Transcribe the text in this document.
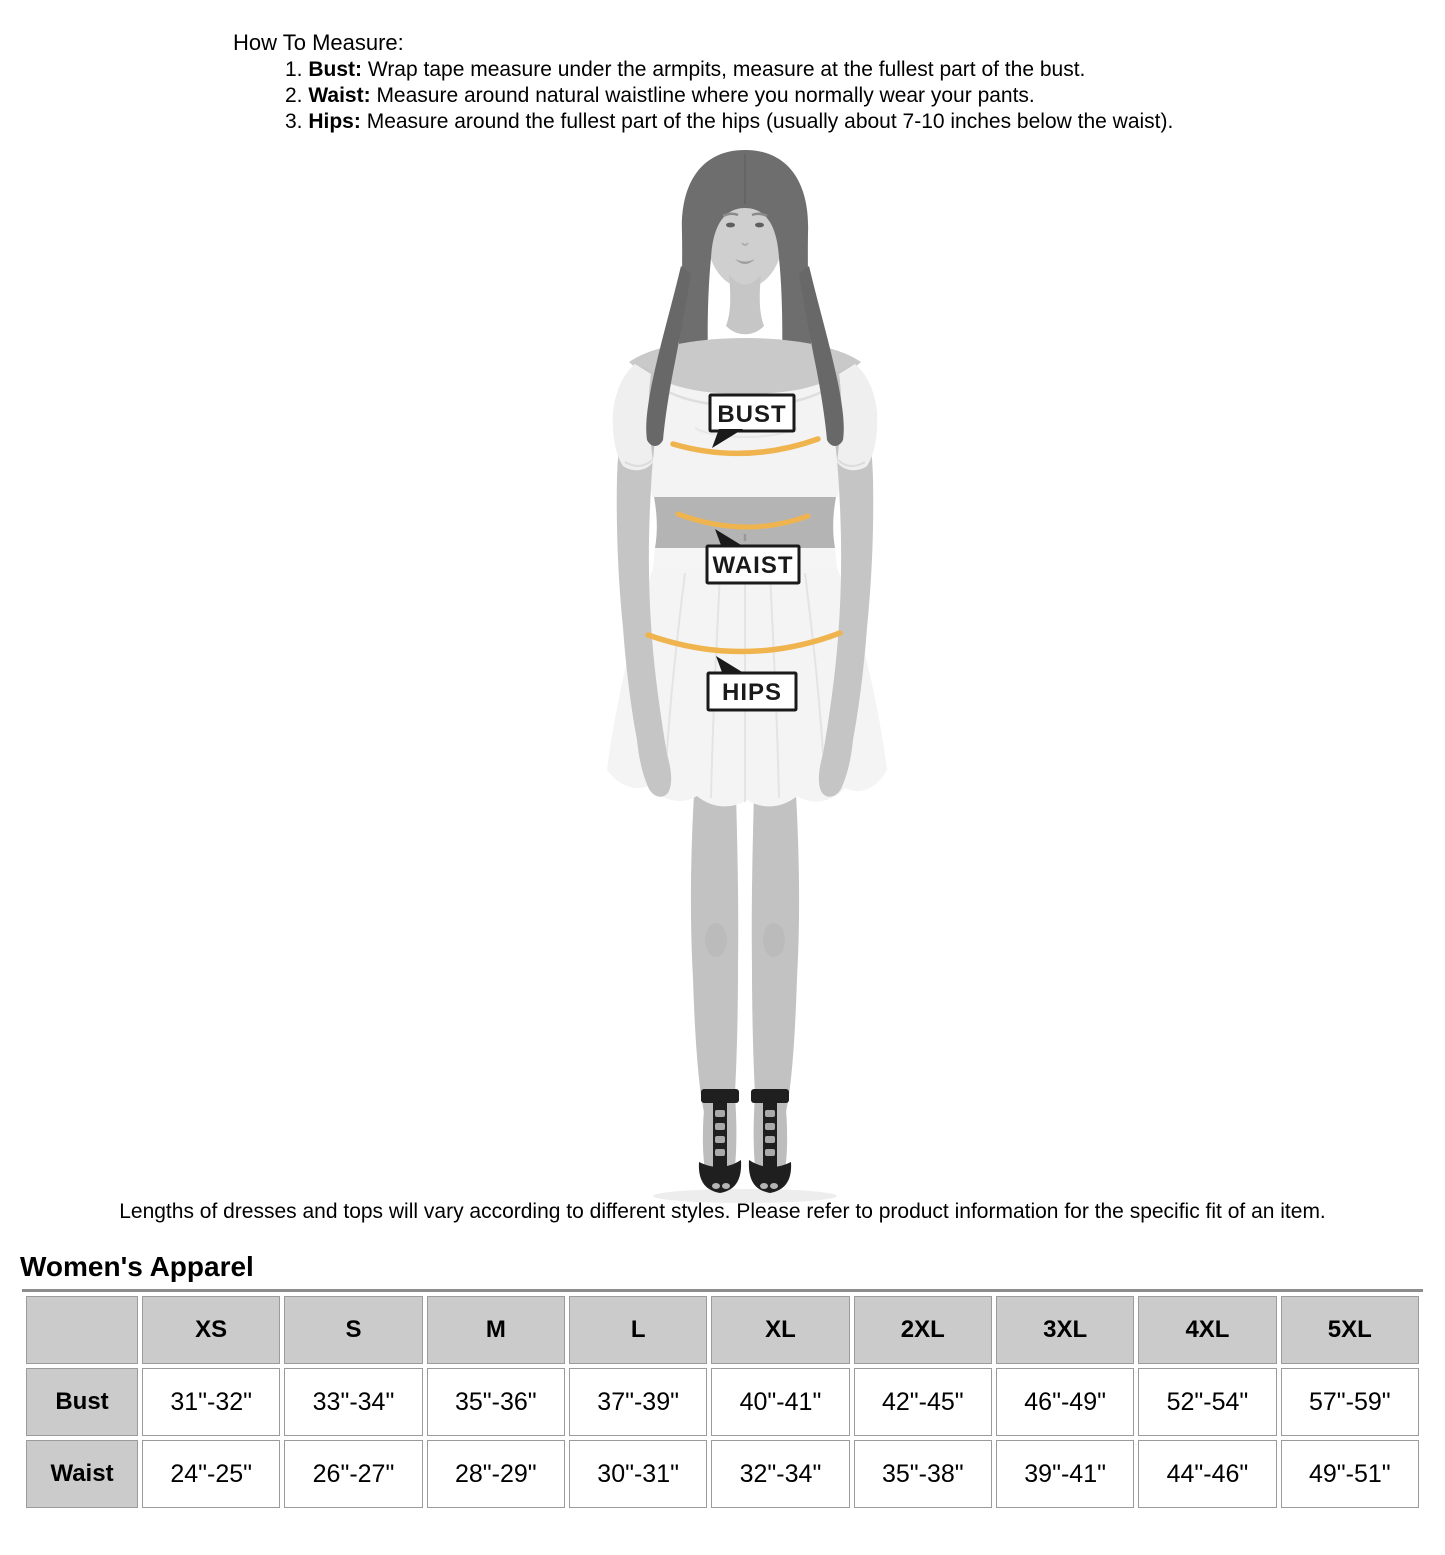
How To Measure:
1. Bust: Wrap tape measure under the armpits, measure at the fullest part of the bust.
2. Waist: Measure around natural waistline where you normally wear your pants.
3. Hips: Measure around the fullest part of the hips (usually about 7-10 inches below the waist).
BUST
WAIST
HIPS

Lengths of dresses and tops will vary according to different styles. Please refer to product information for the specific fit of an item.

Women's Apparel
	XS	S	M	L	XL	2XL	3XL	4XL	5XL
Bust	31"-32"	33"-34"	35"-36"	37"-39"	40"-41"	42"-45"	46"-49"	52"-54"	57"-59"
Waist	24"-25"	26"-27"	28"-29"	30"-31"	32"-34"	35"-38"	39"-41"	44"-46"	49"-51"
